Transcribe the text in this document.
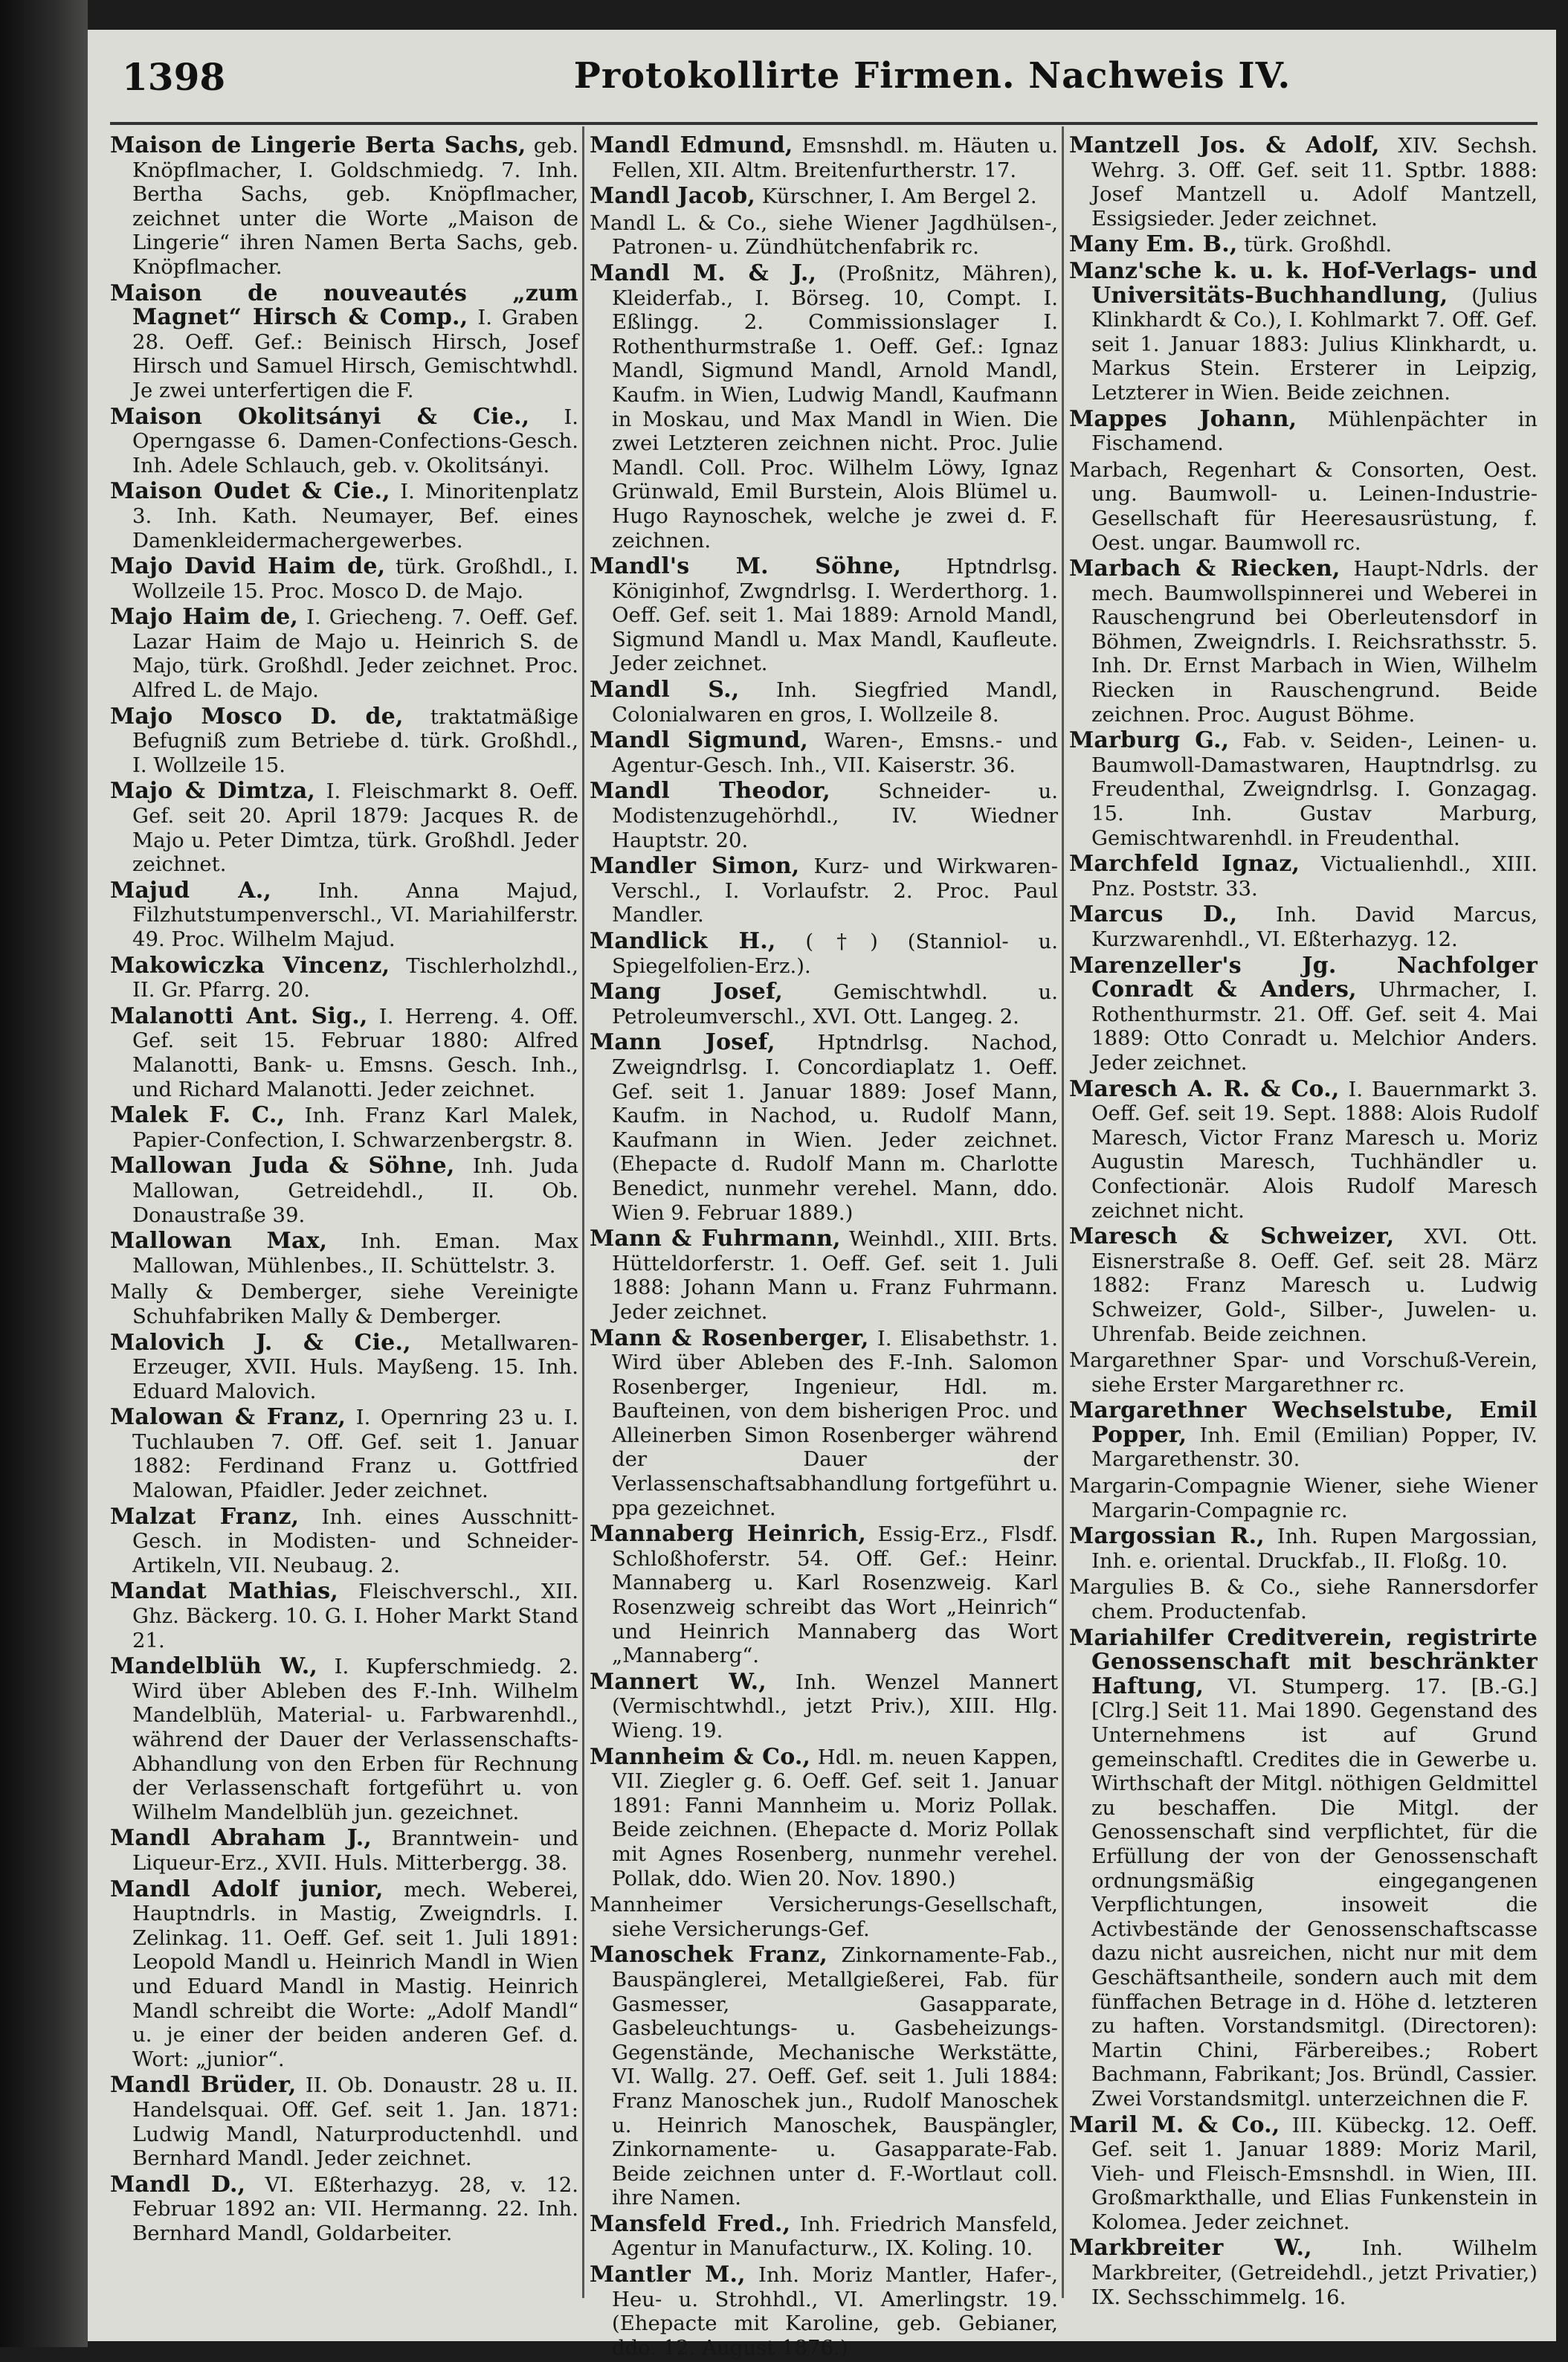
1398	Protokollirte Firmen. Nachweis IV.

Maison de Lingerie Berta Sachs, geb. Knöpflmacher, I. Goldschmiedg. 7. Inh. Bertha Sachs, geb. Knöpflmacher, zeichnet unter die Worte „Maison de Lingerie“ ihren Namen Berta Sachs, geb. Knöpflmacher.

Maison de nouveautés „zum Magnet“ Hirsch & Comp., I. Graben 28. Oeff. Gef.: Beinisch Hirsch, Josef Hirsch und Samuel Hirsch, Gemischtwhdl. Je zwei unterfertigen die F.

Maison Okolitsányi & Cie., I. Operngasse 6. Damen-Confections-Gesch. Inh. Adele Schlauch, geb. v. Okolitsányi.

Maison Oudet & Cie., I. Minoritenplatz 3. Inh. Kath. Neumayer, Bef. eines Damenkleidermachergewerbes.

Majo David Haim de, türk. Großhdl., I. Wollzeile 15. Proc. Mosco D. de Majo.

Majo Haim de, I. Griecheng. 7. Oeff. Gef. Lazar Haim de Majo u. Heinrich S. de Majo, türk. Großhdl. Jeder zeichnet. Proc. Alfred L. de Majo.

Majo Mosco D. de, traktatmäßige Befugniß zum Betriebe d. türk. Großhdl., I. Wollzeile 15.

Majo & Dimtza, I. Fleischmarkt 8. Oeff. Gef. seit 20. April 1879: Jacques R. de Majo u. Peter Dimtza, türk. Großhdl. Jeder zeichnet.

Majud A., Inh. Anna Majud, Filzhutstumpenverschl., VI. Mariahilferstr. 49. Proc. Wilhelm Majud.

Makowiczka Vincenz, Tischlerholzhdl., II. Gr. Pfarrg. 20.

Malanotti Ant. Sig., I. Herreng. 4. Off. Gef. seit 15. Februar 1880: Alfred Malanotti, Bank- u. Emsns. Gesch. Inh., und Richard Malanotti. Jeder zeichnet.

Malek F. C., Inh. Franz Karl Malek, Papier-Confection, I. Schwarzenbergstr. 8.

Mallowan Juda & Söhne, Inh. Juda Mallowan, Getreidehdl., II. Ob. Donaustraße 39.

Mallowan Max, Inh. Eman. Max Mallowan, Mühlenbes., II. Schüttelstr. 3.

Mally & Demberger, siehe Vereinigte Schuhfabriken Mally & Demberger.

Malovich J. & Cie., Metallwaren-Erzeuger, XVII. Huls. Mayßeng. 15. Inh. Eduard Malovich.

Malowan & Franz, I. Opernring 23 u. I. Tuchlauben 7. Off. Gef. seit 1. Januar 1882: Ferdinand Franz u. Gottfried Malowan, Pfaidler. Jeder zeichnet.

Malzat Franz, Inh. eines Ausschnitt-Gesch. in Modisten- und Schneider-Artikeln, VII. Neubaug. 2.

Mandat Mathias, Fleischverschl., XII. Ghz. Bäckerg. 10. G. I. Hoher Markt Stand 21.

Mandelblüh W., I. Kupferschmiedg. 2. Wird über Ableben des F.-Inh. Wilhelm Mandelblüh, Material- u. Farbwarenhdl., während der Dauer der Verlassenschafts-Abhandlung von den Erben für Rechnung der Verlassenschaft fortgeführt u. von Wilhelm Mandelblüh jun. gezeichnet.

Mandl Abraham J., Branntwein- und Liqueur-Erz., XVII. Huls. Mitterbergg. 38.

Mandl Adolf junior, mech. Weberei, Hauptndrls. in Mastig, Zweigndrls. I. Zelinkag. 11. Oeff. Gef. seit 1. Juli 1891: Leopold Mandl u. Heinrich Mandl in Wien und Eduard Mandl in Mastig. Heinrich Mandl schreibt die Worte: „Adolf Mandl“ u. je einer der beiden anderen Gef. d. Wort: „junior“.

Mandl Brüder, II. Ob. Donaustr. 28 u. II. Handelsquai. Off. Gef. seit 1. Jan. 1871: Ludwig Mandl, Naturproductenhdl. und Bernhard Mandl. Jeder zeichnet.

Mandl D., VI. Eßterhazyg. 28, v. 12. Februar 1892 an: VII. Hermanng. 22. Inh. Bernhard Mandl, Goldarbeiter.

Mandl Edmund, Emsnshdl. m. Häuten u. Fellen, XII. Altm. Breitenfurtherstr. 17.

Mandl Jacob, Kürschner, I. Am Bergel 2.

Mandl L. & Co., siehe Wiener Jagdhülsen-, Patronen- u. Zündhütchenfabrik rc.

Mandl M. & J., (Proßnitz, Mähren), Kleiderfab., I. Börseg. 10, Compt. I. Eßlingg. 2. Commissionslager I. Rothenthurmstraße 1. Oeff. Gef.: Ignaz Mandl, Sigmund Mandl, Arnold Mandl, Kaufm. in Wien, Ludwig Mandl, Kaufmann in Moskau, und Max Mandl in Wien. Die zwei Letzteren zeichnen nicht. Proc. Julie Mandl. Coll. Proc. Wilhelm Löwy, Ignaz Grünwald, Emil Burstein, Alois Blümel u. Hugo Raynoschek, welche je zwei d. F. zeichnen.

Mandl's M. Söhne, Hptndrlsg. Königinhof, Zwgndrlsg. I. Werderthorg. 1. Oeff. Gef. seit 1. Mai 1889: Arnold Mandl, Sigmund Mandl u. Max Mandl, Kaufleute. Jeder zeichnet.

Mandl S., Inh. Siegfried Mandl, Colonialwaren en gros, I. Wollzeile 8.

Mandl Sigmund, Waren-, Emsns.- und Agentur-Gesch. Inh., VII. Kaiserstr. 36.

Mandl Theodor, Schneider- u. Modistenzugehörhdl., IV. Wiedner Hauptstr. 20.

Mandler Simon, Kurz- und Wirkwaren-Verschl., I. Vorlaufstr. 2. Proc. Paul Mandler.

Mandlick H., (†) (Stanniol- u. Spiegelfolien-Erz.).

Mang Josef, Gemischtwhdl. u. Petroleumverschl., XVI. Ott. Langeg. 2.

Mann Josef, Hptndrlsg. Nachod, Zweigndrlsg. I. Concordiaplatz 1. Oeff. Gef. seit 1. Januar 1889: Josef Mann, Kaufm. in Nachod, u. Rudolf Mann, Kaufmann in Wien. Jeder zeichnet. (Ehepacte d. Rudolf Mann m. Charlotte Benedict, nunmehr verehel. Mann, ddo. Wien 9. Februar 1889.)

Mann & Fuhrmann, Weinhdl., XIII. Brts. Hütteldorferstr. 1. Oeff. Gef. seit 1. Juli 1888: Johann Mann u. Franz Fuhrmann. Jeder zeichnet.

Mann & Rosenberger, I. Elisabethstr. 1. Wird über Ableben des F.-Inh. Salomon Rosenberger, Ingenieur, Hdl. m. Baufteinen, von dem bisherigen Proc. und Alleinerben Simon Rosenberger während der Dauer der Verlassenschaftsabhandlung fortgeführt u. ppa gezeichnet.

Mannaberg Heinrich, Essig-Erz., Flsdf. Schloßhoferstr. 54. Off. Gef.: Heinr. Mannaberg u. Karl Rosenzweig. Karl Rosenzweig schreibt das Wort „Heinrich“ und Heinrich Mannaberg das Wort „Mannaberg“.

Mannert W., Inh. Wenzel Mannert (Vermischtwhdl., jetzt Priv.), XIII. Hlg. Wieng. 19.

Mannheim & Co., Hdl. m. neuen Kappen, VII. Ziegler g. 6. Oeff. Gef. seit 1. Januar 1891: Fanni Mannheim u. Moriz Pollak. Beide zeichnen. (Ehepacte d. Moriz Pollak mit Agnes Rosenberg, nunmehr verehel. Pollak, ddo. Wien 20. Nov. 1890.)

Mannheimer Versicherungs-Gesellschaft, siehe Versicherungs-Gef.

Manoschek Franz, Zinkornamente-Fab., Bauspänglerei, Metallgießerei, Fab. für Gasmesser, Gasapparate, Gasbeleuchtungs- u. Gasbeheizungs-Gegenstände, Mechanische Werkstätte, VI. Wallg. 27. Oeff. Gef. seit 1. Juli 1884: Franz Manoschek jun., Rudolf Manoschek u. Heinrich Manoschek, Bauspängler, Zinkornamente- u. Gasapparate-Fab. Beide zeichnen unter d. F.-Wortlaut coll. ihre Namen.

Mansfeld Fred., Inh. Friedrich Mansfeld, Agentur in Manufacturw., IX. Koling. 10.

Mantler M., Inh. Moriz Mantler, Hafer-, Heu- u. Strohhdl., VI. Amerlingstr. 19. (Ehepacte mit Karoline, geb. Gebianer, ddo. 12. August 1876.)

Mantzell Jos. & Adolf, XIV. Sechsh. Wehrg. 3. Off. Gef. seit 11. Sptbr. 1888: Josef Mantzell u. Adolf Mantzell, Essigsieder. Jeder zeichnet.

Many Em. B., türk. Großhdl.

Manz'sche k. u. k. Hof-Verlags- und Universitäts-Buchhandlung, (Julius Klinkhardt & Co.), I. Kohlmarkt 7. Off. Gef. seit 1. Januar 1883: Julius Klinkhardt, u. Markus Stein. Ersterer in Leipzig, Letzterer in Wien. Beide zeichnen.

Mappes Johann, Mühlenpächter in Fischamend.

Marbach, Regenhart & Consorten, Oest. ung. Baumwoll- u. Leinen-Industrie-Gesellschaft für Heeresausrüstung, f. Oest. ungar. Baumwoll rc.

Marbach & Riecken, Haupt-Ndrls. der mech. Baumwollspinnerei und Weberei in Rauschengrund bei Oberleutensdorf in Böhmen, Zweigndrls. I. Reichsrathsstr. 5. Inh. Dr. Ernst Marbach in Wien, Wilhelm Riecken in Rauschengrund. Beide zeichnen. Proc. August Böhme.

Marburg G., Fab. v. Seiden-, Leinen- u. Baumwoll-Damastwaren, Hauptndrlsg. zu Freudenthal, Zweigndrlsg. I. Gonzagag. 15. Inh. Gustav Marburg, Gemischtwarenhdl. in Freudenthal.

Marchfeld Ignaz, Victualienhdl., XIII. Pnz. Poststr. 33.

Marcus D., Inh. David Marcus, Kurzwarenhdl., VI. Eßterhazyg. 12.

Marenzeller's Jg. Nachfolger Conradt & Anders, Uhrmacher, I. Rothenthurmstr. 21. Off. Gef. seit 4. Mai 1889: Otto Conradt u. Melchior Anders. Jeder zeichnet.

Maresch A. R. & Co., I. Bauernmarkt 3. Oeff. Gef. seit 19. Sept. 1888: Alois Rudolf Maresch, Victor Franz Maresch u. Moriz Augustin Maresch, Tuchhändler u. Confectionär. Alois Rudolf Maresch zeichnet nicht.

Maresch & Schweizer, XVI. Ott. Eisnerstraße 8. Oeff. Gef. seit 28. März 1882: Franz Maresch u. Ludwig Schweizer, Gold-, Silber-, Juwelen- u. Uhrenfab. Beide zeichnen.

Margarethner Spar- und Vorschuß-Verein, siehe Erster Margarethner rc.

Margarethner Wechselstube, Emil Popper, Inh. Emil (Emilian) Popper, IV. Margarethenstr. 30.

Margarin-Compagnie Wiener, siehe Wiener Margarin-Compagnie rc.

Margossian R., Inh. Rupen Margossian, Inh. e. oriental. Druckfab., II. Floßg. 10.

Margulies B. & Co., siehe Rannersdorfer chem. Productenfab.

Mariahilfer Creditverein, registrirte Genossenschaft mit beschränkter Haftung, VI. Stumperg. 17. [B.-G.] [Clrg.] Seit 11. Mai 1890. Gegenstand des Unternehmens ist auf Grund gemeinschaftl. Credites die in Gewerbe u. Wirthschaft der Mitgl. nöthigen Geldmittel zu beschaffen. Die Mitgl. der Genossenschaft sind verpflichtet, für die Erfüllung der von der Genossenschaft ordnungsmäßig eingegangenen Verpflichtungen, insoweit die Activbestände der Genossenschaftscasse dazu nicht ausreichen, nicht nur mit dem Geschäftsantheile, sondern auch mit dem fünffachen Betrage in d. Höhe d. letzteren zu haften. Vorstandsmitgl. (Directoren): Martin Chini, Färbereibes.; Robert Bachmann, Fabrikant; Jos. Bründl, Cassier. Zwei Vorstandsmitgl. unterzeichnen die F.

Maril M. & Co., III. Kübeckg. 12. Oeff. Gef. seit 1. Januar 1889: Moriz Maril, Vieh- und Fleisch-Emsnshdl. in Wien, III. Großmarkthalle, und Elias Funkenstein in Kolomea. Jeder zeichnet.

Markbreiter W., Inh. Wilhelm Markbreiter, (Getreidehdl., jetzt Privatier,) IX. Sechsschimmelg. 16.
